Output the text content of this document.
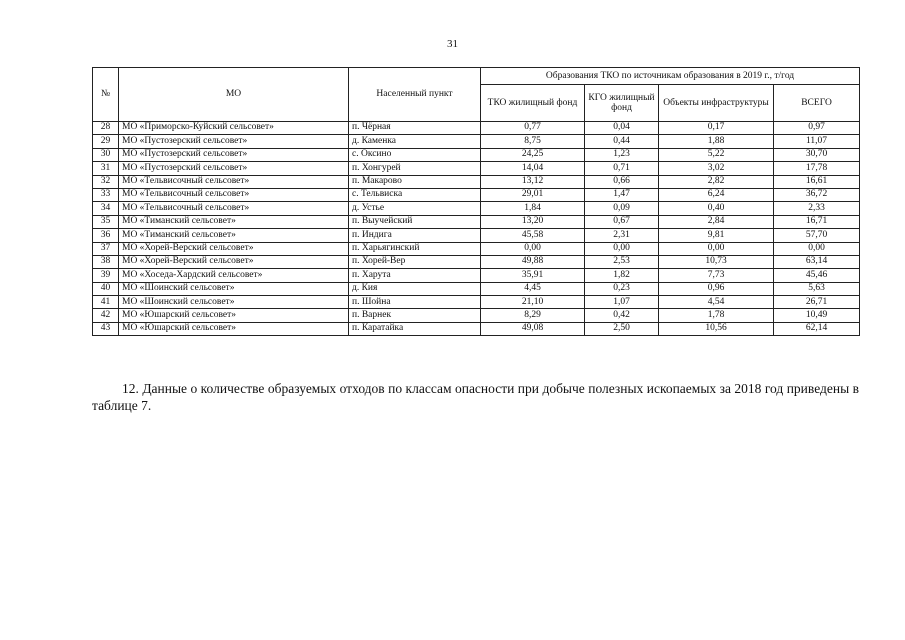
31
№	МО	Населенный пункт	Образования ТКО по источникам образования в 2019 г., т/год			
			ТКО жилищный фонд	КГО жилищный фонд	Объекты инфраструктуры	ВСЕГО
28	МО «Приморско-Куйский сельсовет»	п. Чёрная	0,77	0,04	0,17	0,97
29	МО «Пустозерский сельсовет»	д. Каменка	8,75	0,44	1,88	11,07
30	МО «Пустозерский сельсовет»	с. Оксино	24,25	1,23	5,22	30,70
31	МО «Пустозерский сельсовет»	п. Хонгурей	14,04	0,71	3,02	17,78
32	МО «Тельвисочный сельсовет»	п. Макарово	13,12	0,66	2,82	16,61
33	МО «Тельвисочный сельсовет»	с. Тельвиска	29,01	1,47	6,24	36,72
34	МО «Тельвисочный сельсовет»	д. Устье	1,84	0,09	0,40	2,33
35	МО «Тиманский сельсовет»	п. Выучейский	13,20	0,67	2,84	16,71
36	МО «Тиманский сельсовет»	п. Индига	45,58	2,31	9,81	57,70
37	МО «Хорей-Верский сельсовет»	п. Харьягинский	0,00	0,00	0,00	0,00
38	МО «Хорей-Верский сельсовет»	п. Хорей-Вер	49,88	2,53	10,73	63,14
39	МО «Хоседа-Хардский сельсовет»	п. Харута	35,91	1,82	7,73	45,46
40	МО «Шоинский сельсовет»	д. Кия	4,45	0,23	0,96	5,63
41	МО «Шоинский сельсовет»	п. Шойна	21,10	1,07	4,54	26,71
42	МО «Юшарский сельсовет»	п. Варнек	8,29	0,42	1,78	10,49
43	МО «Юшарский сельсовет»	п. Каратайка	49,08	2,50	10,56	62,14

12. Данные о количестве образуемых отходов по классам опасности при добыче полезных ископаемых за 2018 год приведены в таблице 7.
